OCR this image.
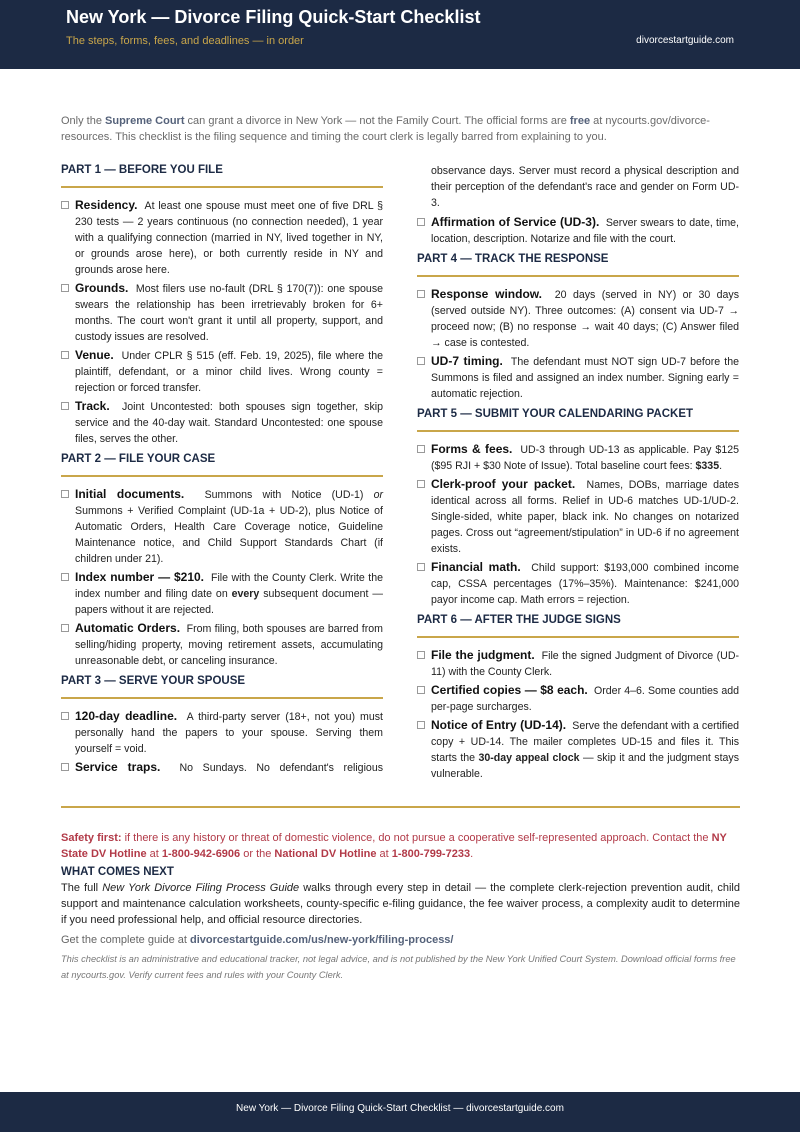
New York — Divorce Filing Quick-Start Checklist
The steps, forms, fees, and deadlines — in order	divorcestartguide.com

Only the Supreme Court can grant a divorce in New York — not the Family Court. The official forms are free at nycourts.gov/divorce-resources. This checklist is the filing sequence and timing the court clerk is legally barred from explaining to you.

PART 1 — BEFORE YOU FILE
Residency. At least one spouse must meet one of five DRL § 230 tests — 2 years continuous (no connection needed), 1 year with a qualifying connection (married in NY, lived together in NY, or grounds arose here), or both currently reside in NY and grounds arose here.
Grounds. Most filers use no-fault (DRL § 170(7)): one spouse swears the relationship has been irretrievably broken for 6+ months. The court won't grant it until all property, support, and custody issues are resolved.
Venue. Under CPLR § 515 (eff. Feb. 19, 2025), file where the plaintiff, defendant, or a minor child lives. Wrong county = rejection or forced transfer.
Track. Joint Uncontested: both spouses sign together, skip service and the 40-day wait. Standard Uncontested: one spouse files, serves the other.
PART 2 — FILE YOUR CASE
Initial documents. Summons with Notice (UD-1) or Summons + Verified Complaint (UD-1a + UD-2), plus Notice of Automatic Orders, Health Care Coverage notice, Guideline Maintenance notice, and Child Support Standards Chart (if children under 21).
Index number — $210. File with the County Clerk. Write the index number and filing date on every subsequent document — papers without it are rejected.
Automatic Orders. From filing, both spouses are barred from selling/hiding property, moving retirement assets, accumulating unreasonable debt, or canceling insurance.
PART 3 — SERVE YOUR SPOUSE
120-day deadline. A third-party server (18+, not you) must personally hand the papers to your spouse. Serving them yourself = void.
Service traps. No Sundays. No defendant's religious
observance days. Server must record a physical description and their perception of the defendant's race and gender on Form UD-3.
Affirmation of Service (UD-3). Server swears to date, time, location, description. Notarize and file with the court.
PART 4 — TRACK THE RESPONSE
Response window. 20 days (served in NY) or 30 days (served outside NY). Three outcomes: (A) consent via UD-7 → proceed now; (B) no response → wait 40 days; (C) Answer filed → case is contested.
UD-7 timing. The defendant must NOT sign UD-7 before the Summons is filed and assigned an index number. Signing early = automatic rejection.
PART 5 — SUBMIT YOUR CALENDARING PACKET
Forms & fees. UD-3 through UD-13 as applicable. Pay $125 ($95 RJI + $30 Note of Issue). Total baseline court fees: $335.
Clerk-proof your packet. Names, DOBs, marriage dates identical across all forms. Relief in UD-6 matches UD-1/UD-2. Single-sided, white paper, black ink. No changes on notarized pages. Cross out “agreement/stipulation” in UD-6 if no agreement exists.
Financial math. Child support: $193,000 combined income cap, CSSA percentages (17%–35%). Maintenance: $241,000 payor income cap. Math errors = rejection.
PART 6 — AFTER THE JUDGE SIGNS
File the judgment. File the signed Judgment of Divorce (UD-11) with the County Clerk.
Certified copies — $8 each. Order 4–6. Some counties add per-page surcharges.
Notice of Entry (UD-14). Serve the defendant with a certified copy + UD-14. The mailer completes UD-15 and files it. This starts the 30-day appeal clock — skip it and the judgment stays vulnerable.

Safety first: if there is any history or threat of domestic violence, do not pursue a cooperative self-represented approach. Contact the NY State DV Hotline at 1-800-942-6906 or the National DV Hotline at 1-800-799-7233.

WHAT COMES NEXT

The full New York Divorce Filing Process Guide walks through every step in detail — the complete clerk-rejection prevention audit, child support and maintenance calculation worksheets, county-specific e-filing guidance, the fee waiver process, a complexity audit to determine if you need professional help, and official resource directories.

Get the complete guide at divorcestartguide.com/us/new-york/filing-process/

This checklist is an administrative and educational tracker, not legal advice, and is not published by the New York Unified Court System. Download official forms free at nycourts.gov. Verify current fees and rules with your County Clerk.

New York — Divorce Filing Quick-Start Checklist — divorcestartguide.com
